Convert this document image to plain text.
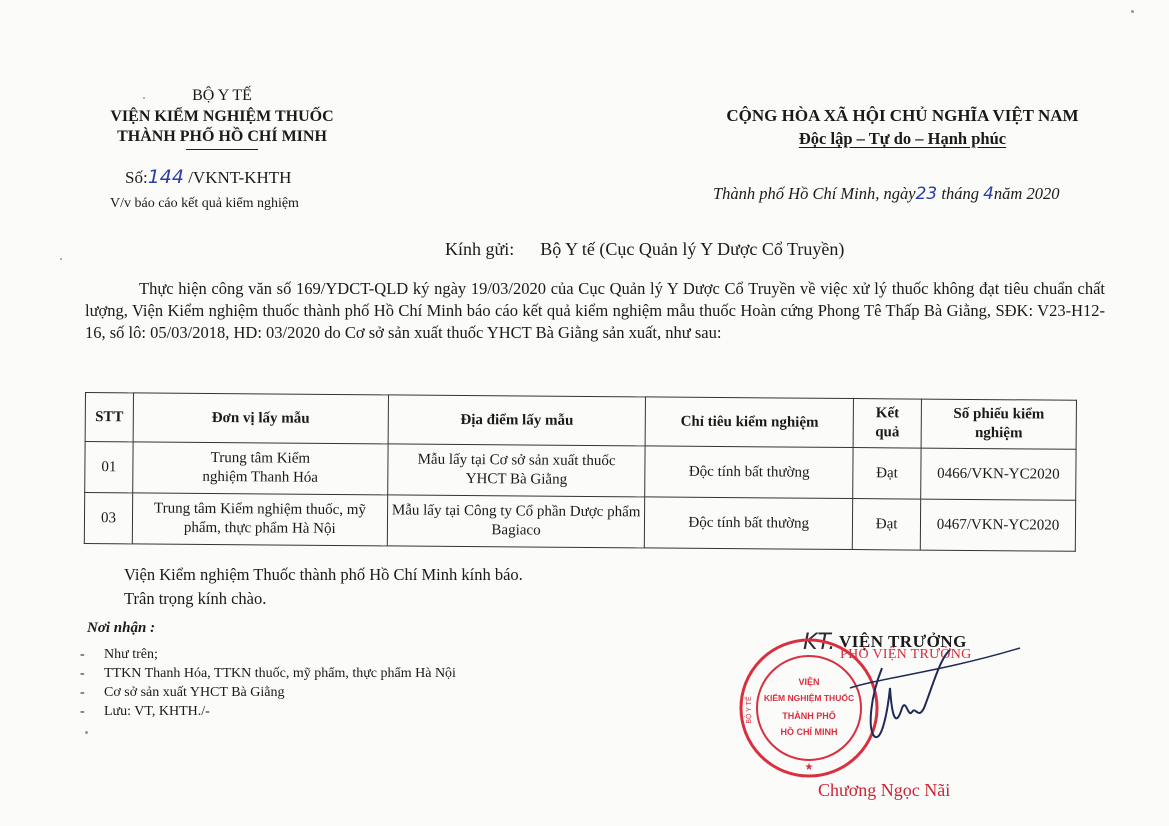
BỘ Y TẾ
VIỆN KIỂM NGHIỆM THUỐC
THÀNH PHỐ HỒ CHÍ MINH
CỘNG HÒA XÃ HỘI CHỦ NGHĨA VIỆT NAM
Độc lập – Tự do – Hạnh phúc
Số:144 /VKNT-KHTH
V/v báo cáo kết quả kiểm nghiệm
Thành phố Hồ Chí Minh, ngày23 tháng 4năm 2020
Kính gửi: Bộ Y tế (Cục Quản lý Y Dược Cổ Truyền)
Thực hiện công văn số 169/YDCT-QLD ký ngày 19/03/2020 của Cục Quản lý Y Dược Cổ Truyền về việc xử lý thuốc không đạt tiêu chuẩn chất lượng, Viện Kiểm nghiệm thuốc thành phố Hồ Chí Minh báo cáo kết quả kiểm nghiệm mẫu thuốc Hoàn cứng Phong Tê Thấp Bà Giằng, SĐK: V23-H12-16, số lô: 05/03/2018, HD: 03/2020 do Cơ sở sản xuất thuốc YHCT Bà Giằng sản xuất, như sau:
STT	Đơn vị lấy mẫu	Địa điểm lấy mẫu	Chỉ tiêu kiểm nghiệm	Kết quả	Số phiếu kiểm nghiệm
01	Trung tâm Kiểm nghiệm Thanh Hóa	Mẫu lấy tại Cơ sở sản xuất thuốc YHCT Bà Giằng	Độc tính bất thường	Đạt	0466/VKN-YC2020
03	Trung tâm Kiểm nghiệm thuốc, mỹ phẩm, thực phẩm Hà Nội	Mẫu lấy tại Công ty Cổ phần Dược phẩm Bagiaco	Độc tính bất thường	Đạt	0467/VKN-YC2020
Viện Kiểm nghiệm Thuốc thành phố Hồ Chí Minh kính báo.
Trân trọng kính chào.
Nơi nhận :
-	Như trên;
-	TTKN Thanh Hóa, TTKN thuốc, mỹ phẩm, thực phẩm Hà Nội
-	Cơ sở sản xuất YHCT Bà Giằng
-	Lưu: VT, KHTH./-
KT. VIỆN TRƯỞNG
PHÓ VIỆN TRƯỞNG
VIỆN
KIỂM NGHIỆM THUỐC
THÀNH PHỐ
HỒ CHÍ MINH
BỘ Y TẾ
★
Chương Ngọc Nãi
